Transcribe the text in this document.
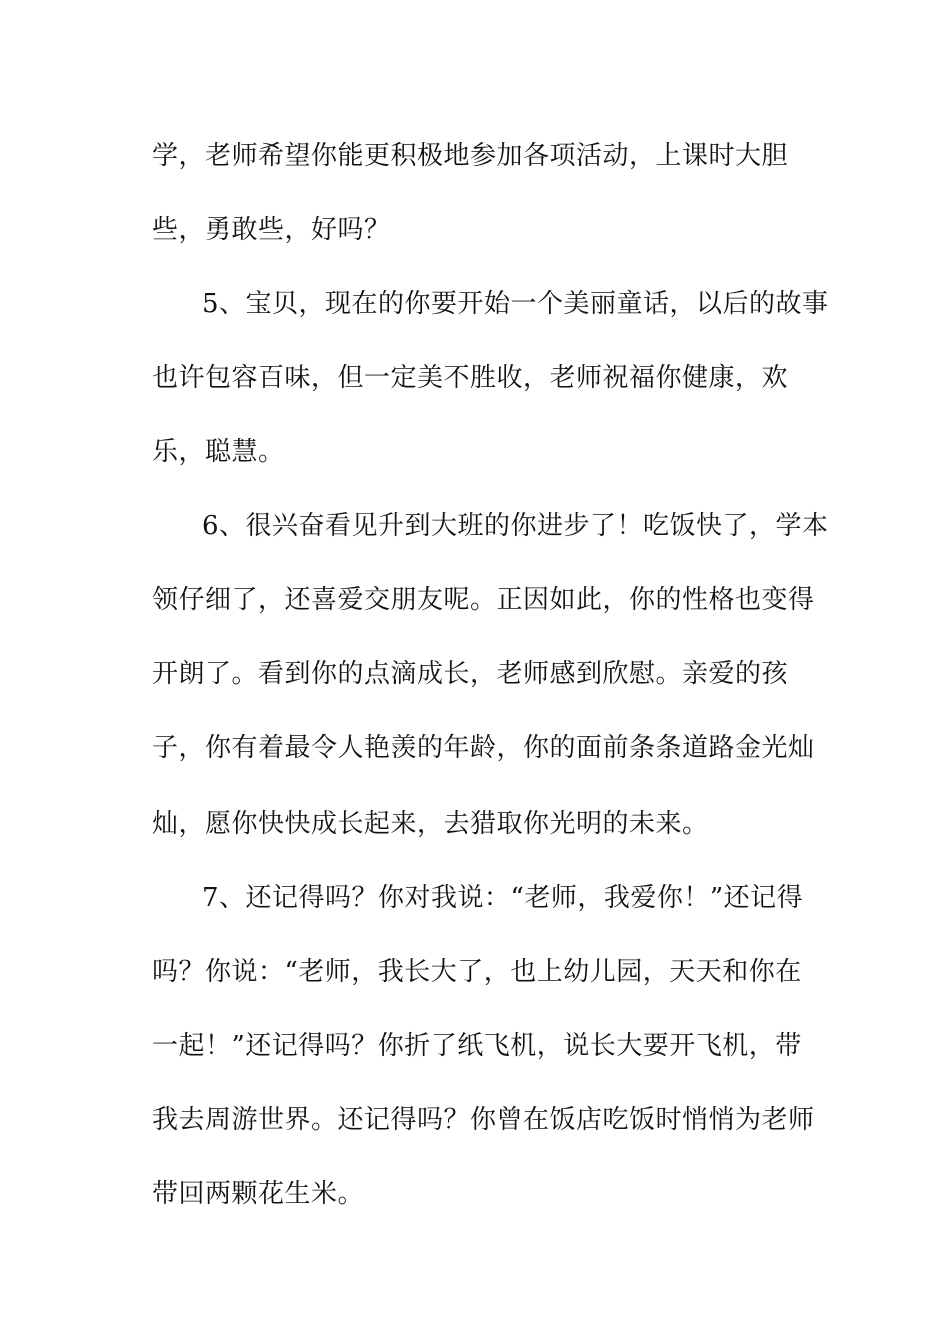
学，老师希望你能更积极地参加各项活动，上课时大胆
些，勇敢些，好吗？
5、宝贝，现在的你要开始一个美丽童话，以后的故事
也许包容百味，但一定美不胜收，老师祝福你健康，欢
乐，聪慧。
6、很兴奋看见升到大班的你进步了！吃饭快了，学本
领仔细了，还喜爱交朋友呢。正因如此，你的性格也变得
开朗了。看到你的点滴成长，老师感到欣慰。亲爱的孩
子，你有着最令人艳羡的年龄，你的面前条条道路金光灿
灿，愿你快快成长起来，去猎取你光明的未来。
7、还记得吗？你对我说：“老师，我爱你！”还记得
吗？你说：“老师，我长大了，也上幼儿园，天天和你在
一起！”还记得吗？你折了纸飞机，说长大要开飞机，带
我去周游世界。还记得吗？你曾在饭店吃饭时悄悄为老师
带回两颗花生米。
